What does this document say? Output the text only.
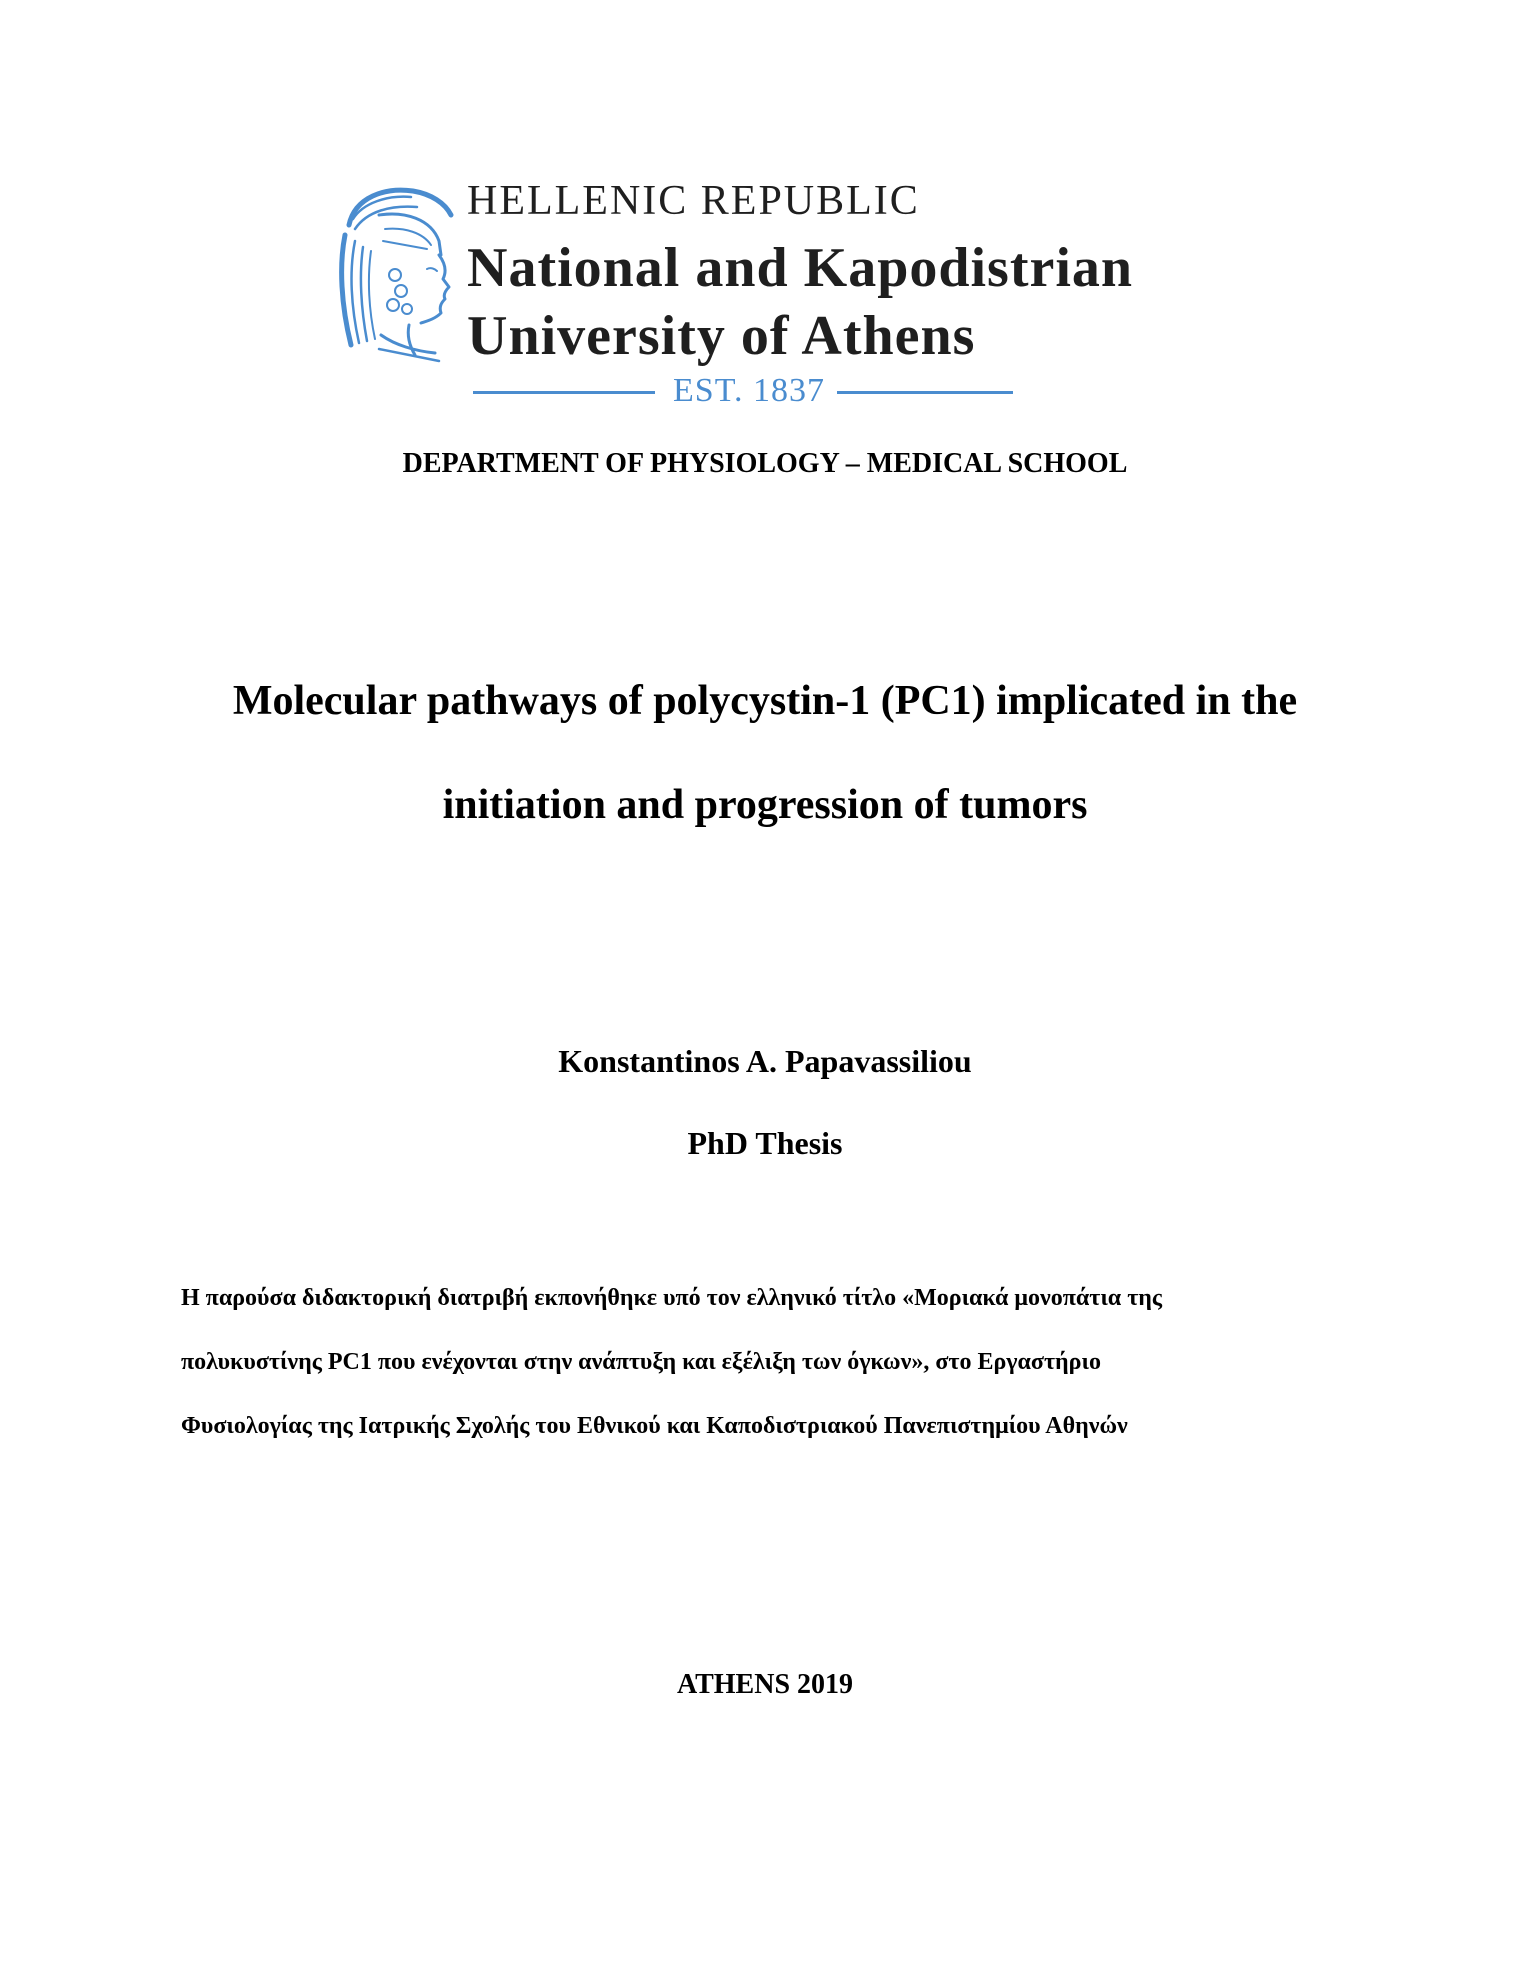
HELLENIC REPUBLIC
National and Kapodistrian
University of Athens
EST. 1837
DEPARTMENT OF PHYSIOLOGY – MEDICAL SCHOOL
Molecular pathways of polycystin-1 (PC1) implicated in the
initiation and progression of tumors
Konstantinos A. Papavassiliou
PhD Thesis
Η παρούσα διδακτορική διατριβή εκπονήθηκε υπό τον ελληνικό τίτλο «Μοριακά μονοπάτια της
πολυκυστίνης PC1 που ενέχονται στην ανάπτυξη και εξέλιξη των όγκων», στο Εργαστήριο
Φυσιολογίας της Ιατρικής Σχολής του Εθνικού και Καποδιστριακού Πανεπιστημίου Αθηνών
ATHENS 2019
